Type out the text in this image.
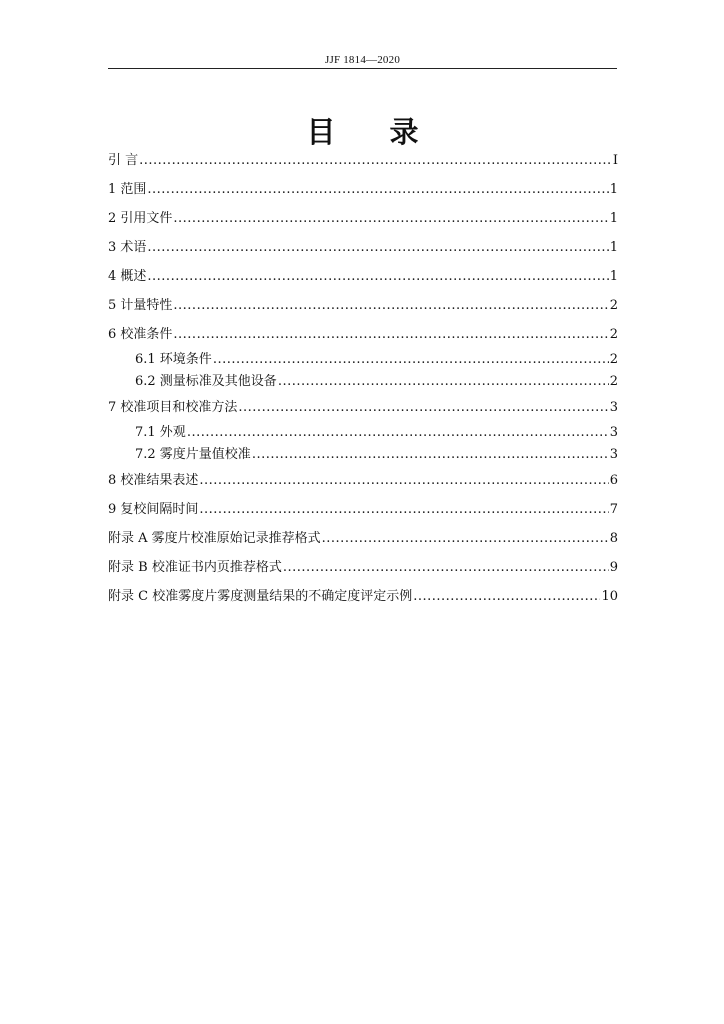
JJF 1814—2020
目 录
引 言 .....	I
1 范围 .....	1
2 引用文件 .....	1
3 术语 .....	1
4 概述 .....	1
5 计量特性 .....	2
6 校准条件 .....	2
6.1 环境条件 .....	2
6.2 测量标准及其他设备 .....	2
7 校准项目和校准方法 .....	3
7.1 外观 .....	3
7.2 雾度片量值校准 .....	3
8 校准结果表述 .....	6
9 复校间隔时间 .....	7
附录 A 雾度片校准原始记录推荐格式 .....	8
附录 B 校准证书内页推荐格式 .....	9
附录 C 校准雾度片雾度测量结果的不确定度评定示例 .....	10
